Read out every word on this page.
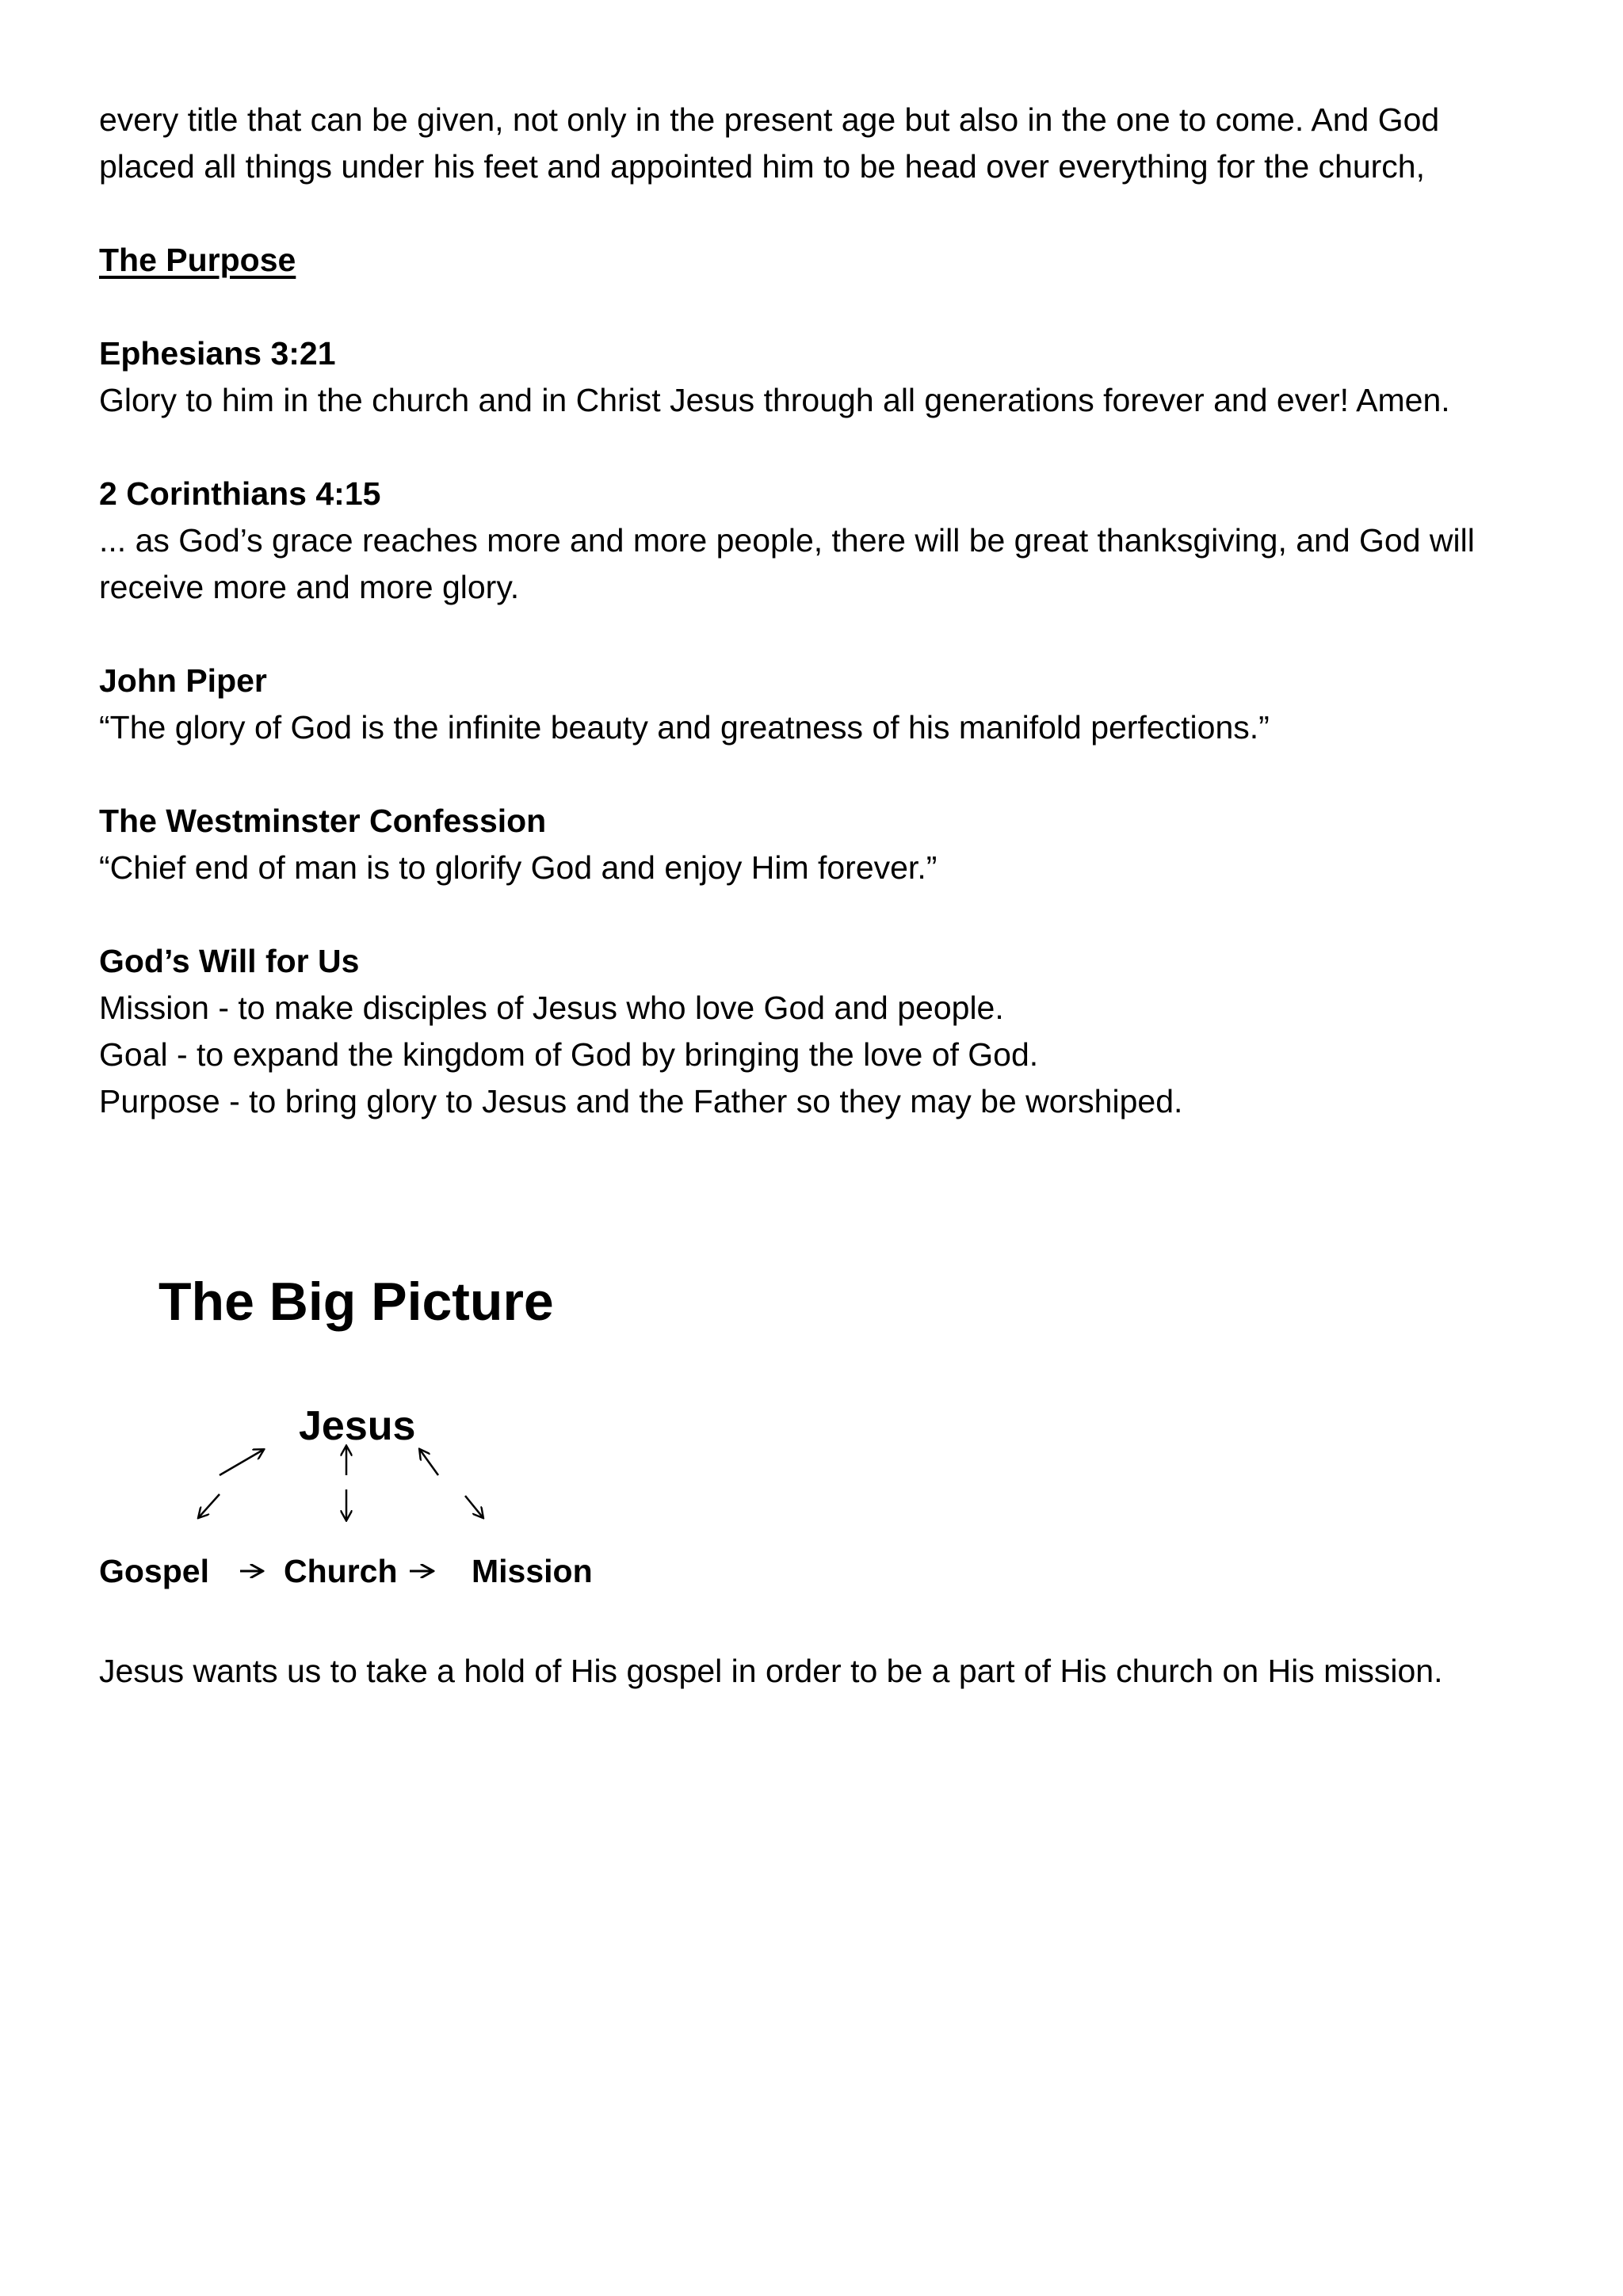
every title that can be given, not only in the present age but also in the one to come. And God placed all things under his feet and appointed him to be head over everything for the church,

The Purpose

Ephesians 3:21

Glory to him in the church and in Christ Jesus through all generations forever and ever! Amen.

2 Corinthians 4:15

... as God’s grace reaches more and more people, there will be great thanksgiving, and God will receive more and more glory.

John Piper

“The glory of God is the infinite beauty and greatness of his manifold perfections.”

The Westminster Confession

“Chief end of man is to glorify God and enjoy Him forever.”

God’s Will for Us

Mission - to make disciples of Jesus who love God and people.

Goal - to expand the kingdom of God by bringing the love of God.

Purpose - to bring glory to Jesus and the Father so they may be worshiped.

The Big Picture
Jesus
Gospel Church Mission

Jesus wants us to take a hold of His gospel in order to be a part of His church on His mission.
